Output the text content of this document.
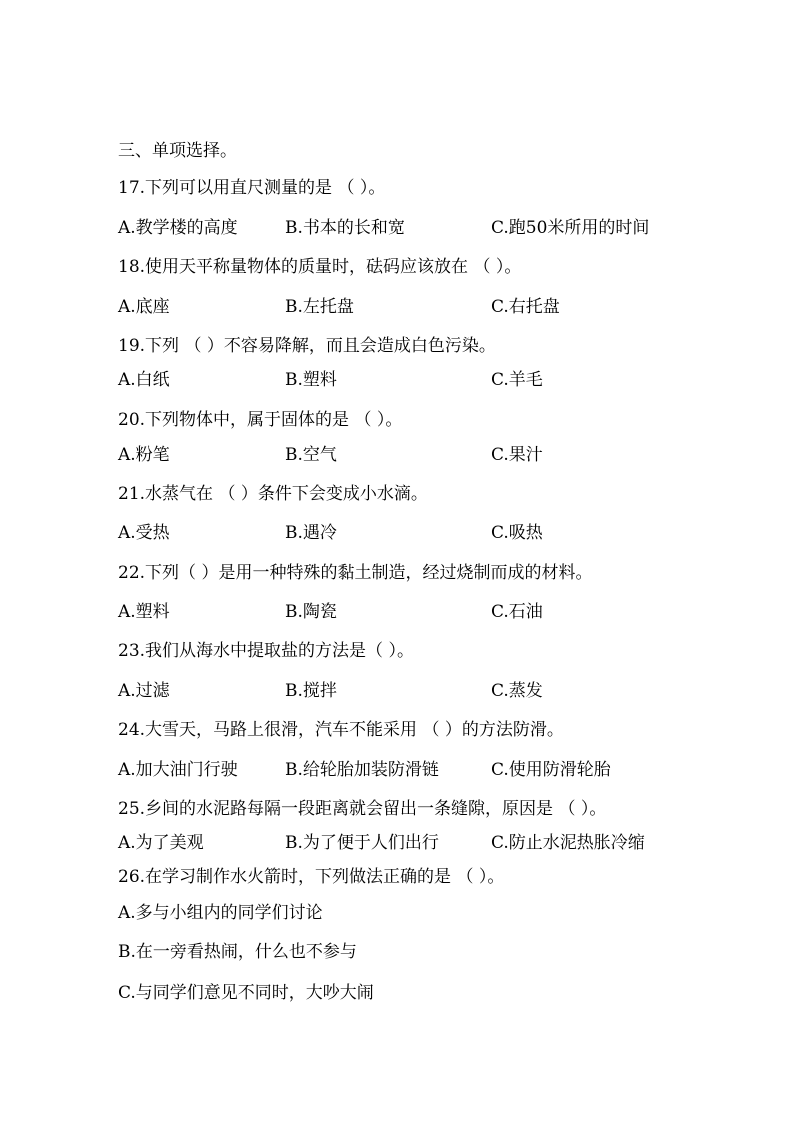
三、单项选择。
17.下列可以用直尺测量的是 （ ）。
A.教学楼的高度	B.书本的长和宽	C.跑50米所用的时间
18.使用天平称量物体的质量时，砝码应该放在 （ ）。
A.底座	B.左托盘	C.右托盘
19.下列 （ ）不容易降解，而且会造成白色污染。
A.白纸	B.塑料	C.羊毛
20.下列物体中，属于固体的是 （ ）。
A.粉笔	B.空气	C.果汁
21.水蒸气在 （ ）条件下会变成小水滴。
A.受热	B.遇冷	C.吸热
22.下列（ ）是用一种特殊的黏土制造，经过烧制而成的材料。
A.塑料	B.陶瓷	C.石油
23.我们从海水中提取盐的方法是（ ）。
A.过滤	B.搅拌	C.蒸发
24.大雪天，马路上很滑，汽车不能采用 （ ）的方法防滑。
A.加大油门行驶	B.给轮胎加装防滑链	C.使用防滑轮胎
25.乡间的水泥路每隔一段距离就会留出一条缝隙，原因是 （ ）。
A.为了美观	B.为了便于人们出行	C.防止水泥热胀冷缩
26.在学习制作水火箭时，下列做法正确的是 （ ）。
A.多与小组内的同学们讨论
B.在一旁看热闹，什么也不参与
C.与同学们意见不同时，大吵大闹
